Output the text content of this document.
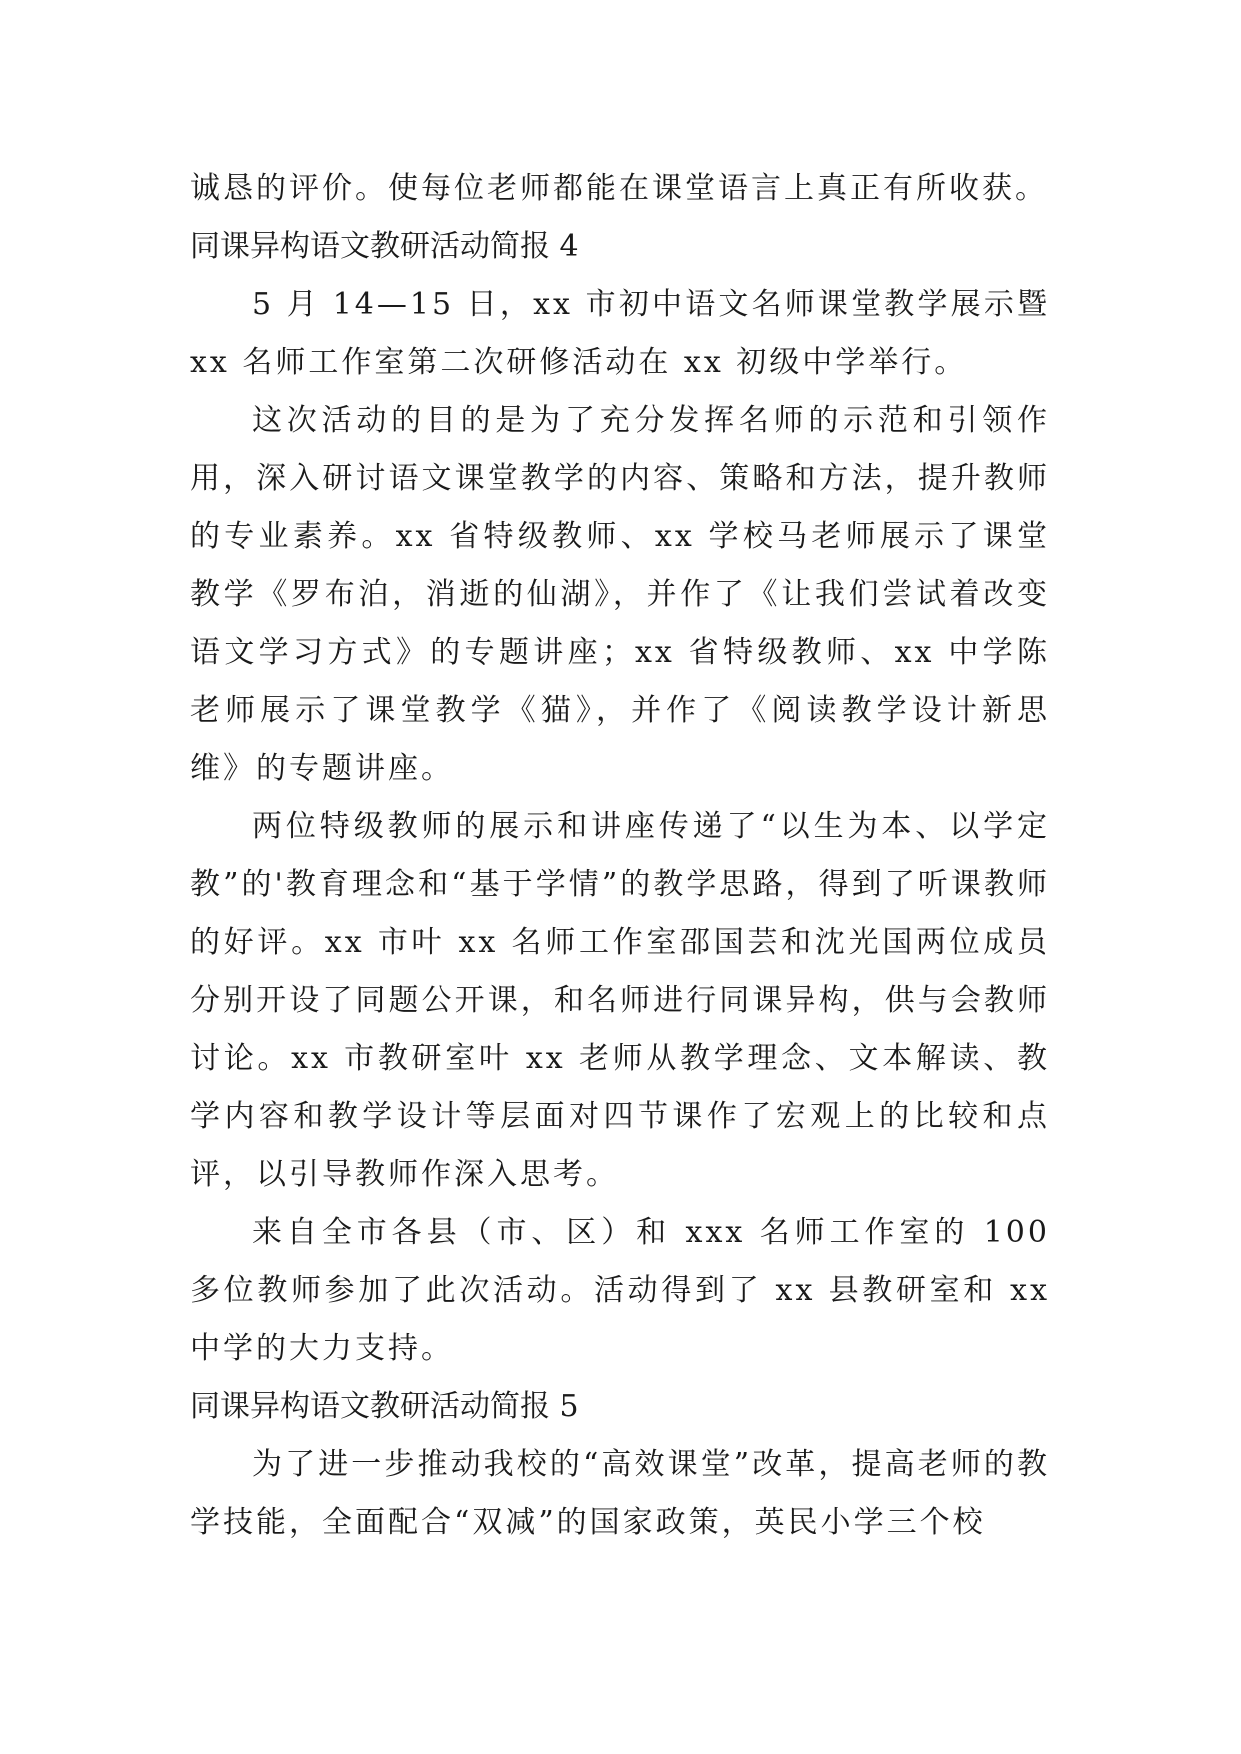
诚恳的评价。使每位老师都能在课堂语言上真正有所收获。

同课异构语文教研活动简报 4

5 月 14—15 日，xx 市初中语文名师课堂教学展示暨 xx 名师工作室第二次研修活动在 xx 初级中学举行。

这次活动的目的是为了充分发挥名师的示范和引领作用，深入研讨语文课堂教学的内容、策略和方法，提升教师的专业素养。xx 省特级教师、xx 学校马老师展示了课堂教学《罗布泊，消逝的仙湖》，并作了《让我们尝试着改变语文学习方式》的专题讲座；xx 省特级教师、xx 中学陈老师展示了课堂教学《猫》，并作了《阅读教学设计新思维》的专题讲座。

两位特级教师的展示和讲座传递了“以生为本、以学定教”的'教育理念和“基于学情”的教学思路，得到了听课教师的好评。xx 市叶 xx 名师工作室邵国芸和沈光国两位成员分别开设了同题公开课，和名师进行同课异构，供与会教师讨论。xx 市教研室叶 xx 老师从教学理念、文本解读、教学内容和教学设计等层面对四节课作了宏观上的比较和点评，以引导教师作深入思考。

来自全市各县（市、区）和 xxx 名师工作室的 100 多位教师参加了此次活动。活动得到了 xx 县教研室和 xx 中学的大力支持。

同课异构语文教研活动简报 5

为了进一步推动我校的“高效课堂”改革，提高老师的教学技能，全面配合“双减”的国家政策，英民小学三个校
